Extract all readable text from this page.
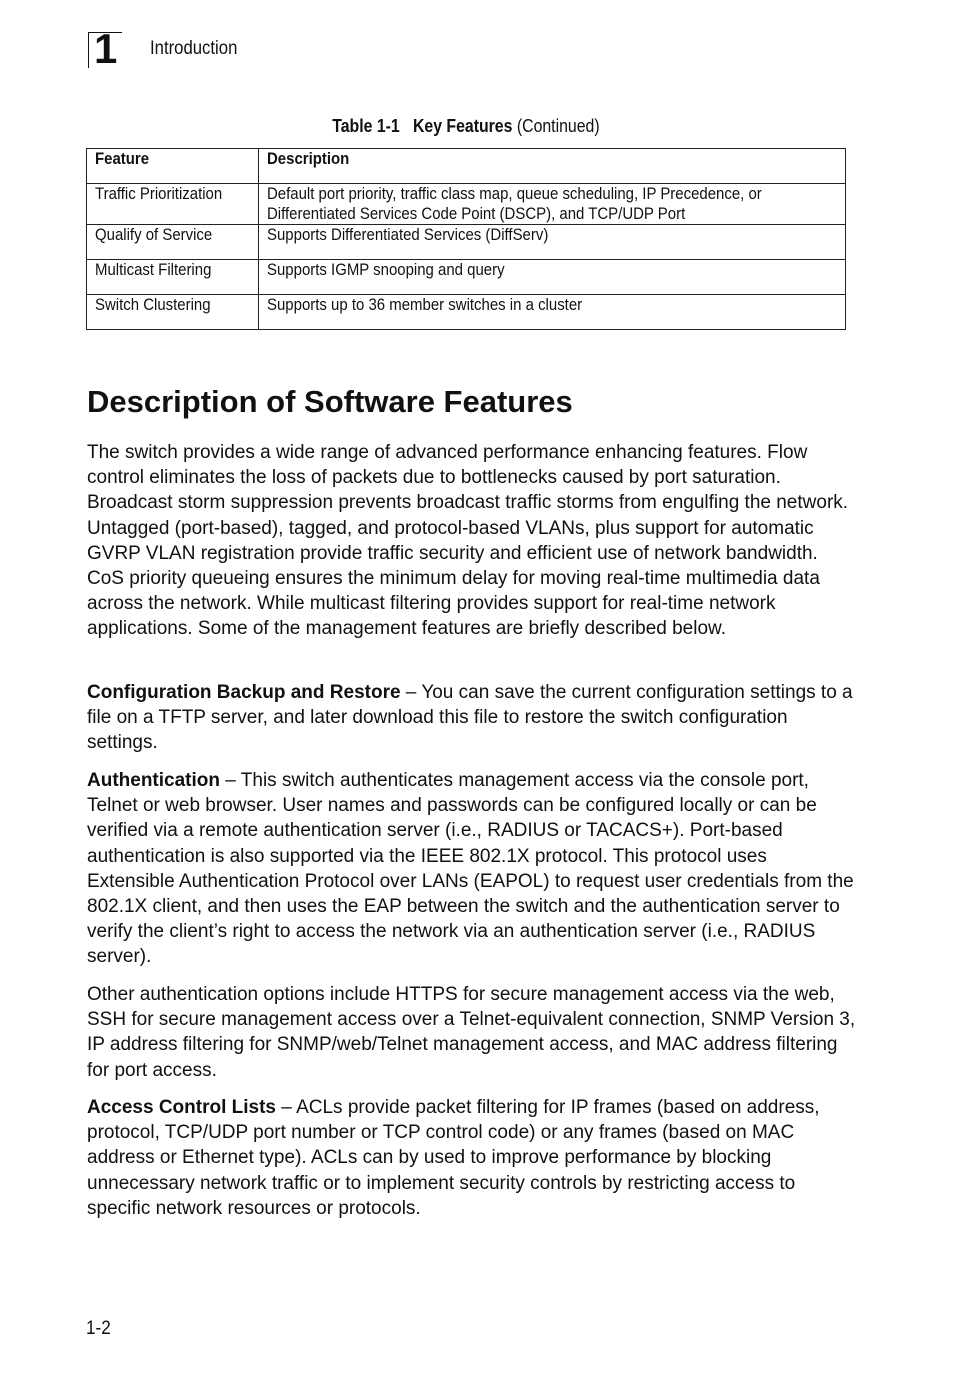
1 Introduction
Table 1-1 Key Features (Continued)
Feature	Description
Traffic Prioritization	Default port priority, traffic class map, queue scheduling, IP Precedence, or
Differentiated Services Code Point (DSCP), and TCP/UDP Port
Qualify of Service	Supports Differentiated Services (DiffServ)
Multicast Filtering	Supports IGMP snooping and query
Switch Clustering	Supports up to 36 member switches in a cluster
Description of Software Features

The switch provides a wide range of advanced performance enhancing features. Flow control eliminates the loss of packets due to bottlenecks caused by port saturation. Broadcast storm suppression prevents broadcast traffic storms from engulfing the network. Untagged (port-based), tagged, and protocol-based VLANs, plus support for automatic GVRP VLAN registration provide traffic security and efficient use of network bandwidth. CoS priority queueing ensures the minimum delay for moving real-time multimedia data across the network. While multicast filtering provides support for real-time network applications. Some of the management features are briefly described below.

Configuration Backup and Restore – You can save the current configuration settings to a file on a TFTP server, and later download this file to restore the switch configuration settings.

Authentication – This switch authenticates management access via the console port, Telnet or web browser. User names and passwords can be configured locally or can be verified via a remote authentication server (i.e., RADIUS or TACACS+). Port-based authentication is also supported via the IEEE 802.1X protocol. This protocol uses Extensible Authentication Protocol over LANs (EAPOL) to request user credentials from the 802.1X client, and then uses the EAP between the switch and the authentication server to verify the client’s right to access the network via an authentication server (i.e., RADIUS server).

Other authentication options include HTTPS for secure management access via the web, SSH for secure management access over a Telnet-equivalent connection, SNMP Version 3, IP address filtering for SNMP/web/Telnet management access, and MAC address filtering for port access.

Access Control Lists – ACLs provide packet filtering for IP frames (based on address, protocol, TCP/UDP port number or TCP control code) or any frames (based on MAC address or Ethernet type). ACLs can by used to improve performance by blocking unnecessary network traffic or to implement security controls by restricting access to specific network resources or protocols.

1-2
